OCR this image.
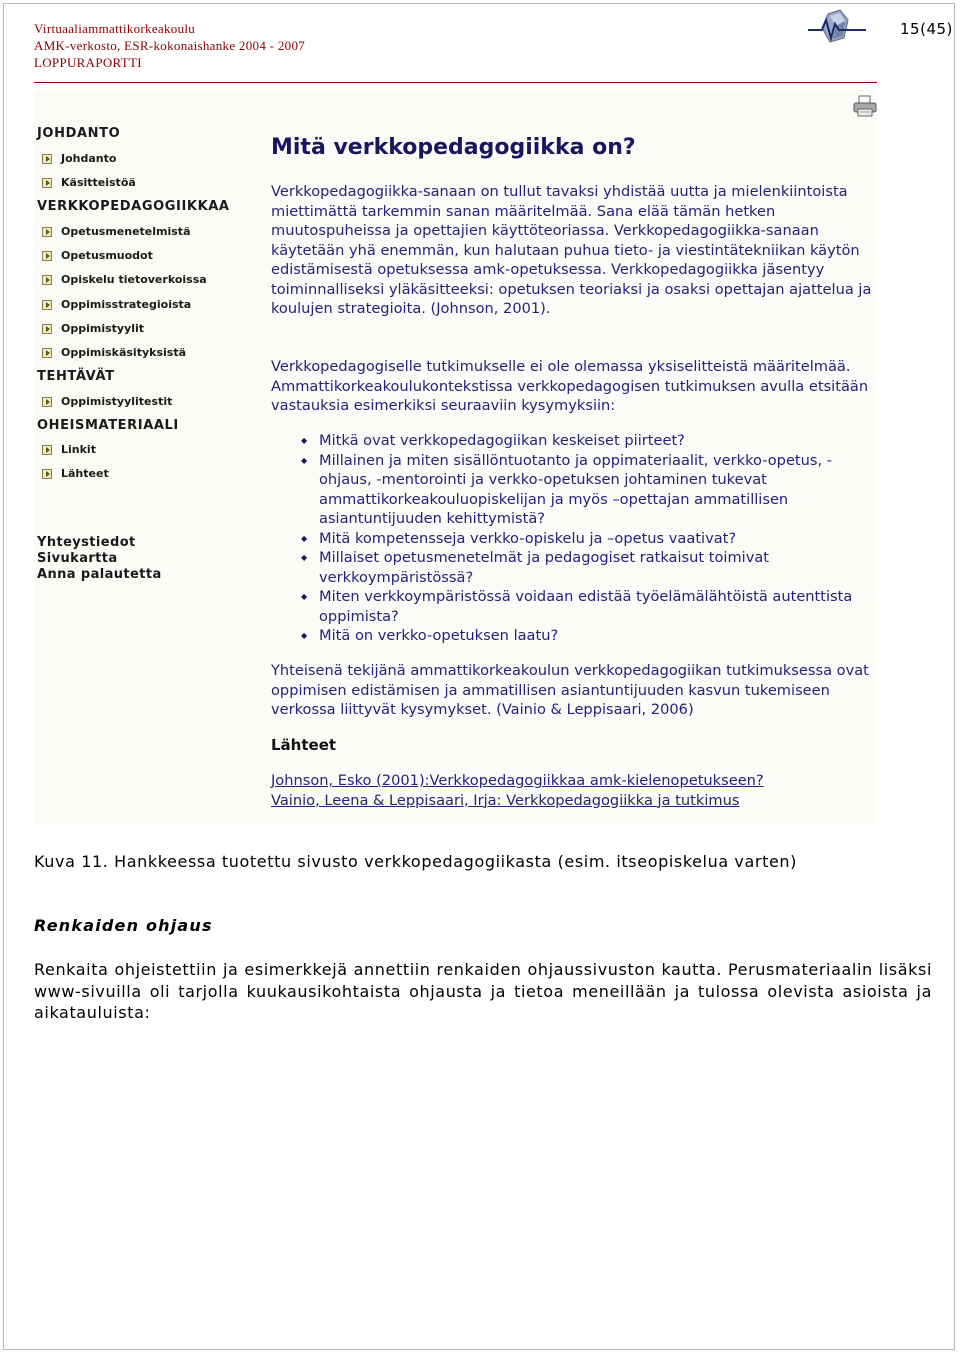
Virtuaaliammattikorkeakoulu
AMK-verkosto, ESR-kokonaishanke 2004 - 2007
LOPPURAPORTTI
15(45)
JOHDANTO
Johdanto
Käsitteistöä
VERKKOPEDAGOGIIKKAA
Opetusmenetelmistä
Opetusmuodot
Opiskelu tietoverkoissa
Oppimisstrategioista
Oppimistyylit
Oppimiskäsityksistä
TEHTÄVÄT
Oppimistyylitestit
OHEISMATERIAALI
Linkit
Lähteet
Yhteystiedot
Sivukartta
Anna palautetta
Mitä verkkopedagogiikka on?
Verkkopedagogiikka-sanaan on tullut tavaksi yhdistää uutta ja mielenkiintoista miettimättä tarkemmin sanan määritelmää. Sana elää tämän hetken muutospuheissa ja opettajien käyttöteoriassa. Verkkopedagogiikka-sanaan käytetään yhä enemmän, kun halutaan puhua tieto- ja viestintätekniikan käytön edistämisestä opetuksessa amk-opetuksessa. Verkkopedagogiikka jäsentyy toiminnalliseksi yläkäsitteeksi: opetuksen teoriaksi ja osaksi opettajan ajattelua ja koulujen strategioita. (Johnson, 2001).
Verkkopedagogiselle tutkimukselle ei ole olemassa yksiselitteistä määritelmää. Ammattikorkeakoulukontekstissa verkkopedagogisen tutkimuksen avulla etsitään vastauksia esimerkiksi seuraaviin kysymyksiin:
◆ Mitkä ovat verkkopedagogiikan keskeiset piirteet?
◆ Millainen ja miten sisällöntuotanto ja oppimateriaalit, verkko-opetus, -ohjaus, -mentorointi ja verkko-opetuksen johtaminen tukevat ammattikorkeakouluopiskelijan ja myös –opettajan ammatillisen asiantuntijuuden kehittymistä?
◆ Mitä kompetensseja verkko-opiskelu ja –opetus vaativat?
◆ Millaiset opetusmenetelmät ja pedagogiset ratkaisut toimivat verkkoympäristössä?
◆ Miten verkkoympäristössä voidaan edistää työelämälähtöistä autenttista oppimista?
◆ Mitä on verkko-opetuksen laatu?
Yhteisenä tekijänä ammattikorkeakoulun verkkopedagogiikan tutkimuksessa ovat oppimisen edistämisen ja ammatillisen asiantuntijuuden kasvun tukemiseen verkossa liittyvät kysymykset. (Vainio & Leppisaari, 2006)
Lähteet
Johnson, Esko (2001):Verkkopedagogiikkaa amk-kielenopetukseen?
Vainio, Leena & Leppisaari, Irja: Verkkopedagogiikka ja tutkimus
Kuva 11. Hankkeessa tuotettu sivusto verkkopedagogiikasta (esim. itseopiskelua varten)
Renkaiden ohjaus
Renkaita ohjeistettiin ja esimerkkejä annettiin renkaiden ohjaussivuston kautta. Perusmateriaalin lisäksi www-sivuilla oli tarjolla kuukausikohtaista ohjausta ja tietoa meneillään ja tulossa olevista asioista ja aikatauluista:
